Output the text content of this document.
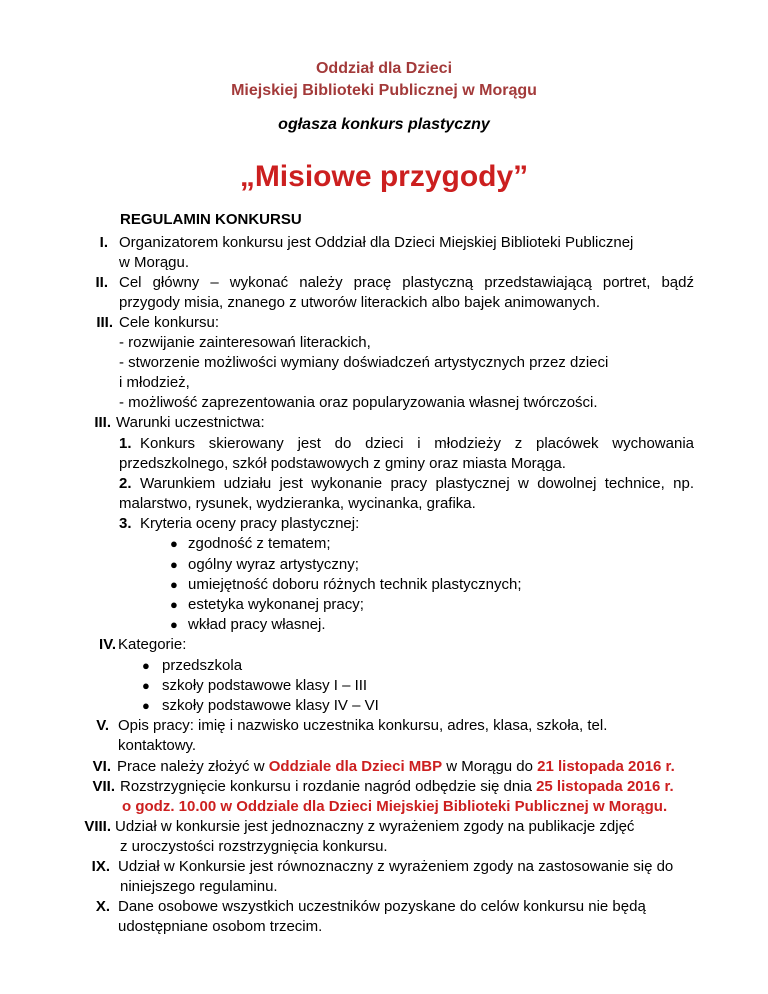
Oddział dla Dzieci
Miejskiej Biblioteki Publicznej w Morągu
ogłasza konkurs plastyczny
„Misiowe przygody”
REGULAMIN KONKURSU
I. Organizatorem konkursu jest Oddział dla Dzieci Miejskiej Biblioteki Publicznej
w Morągu.
II. Cel główny – wykonać należy pracę plastyczną przedstawiającą portret, bądź
przygody misia, znanego z utworów literackich albo bajek animowanych.
III. Cele konkursu:
- rozwijanie zainteresowań literackich,
- stworzenie możliwości wymiany doświadczeń artystycznych przez dzieci
i młodzież,
- możliwość zaprezentowania oraz popularyzowania własnej twórczości.
III. Warunki uczestnictwa:
1. Konkurs skierowany jest do dzieci i młodzieży z placówek wychowania
przedszkolnego, szkół podstawowych z gminy oraz miasta Morąga.
2. Warunkiem udziału jest wykonanie pracy plastycznej w dowolnej technice, np.
malarstwo, rysunek, wydzieranka, wycinanka, grafika.
3. Kryteria oceny pracy plastycznej:
● zgodność z tematem;
● ogólny wyraz artystyczny;
● umiejętność doboru różnych technik plastycznych;
● estetyka wykonanej pracy;
● wkład pracy własnej.
IV. Kategorie:
● przedszkola
● szkoły podstawowe klasy I – III
● szkoły podstawowe klasy IV – VI
V. Opis pracy: imię i nazwisko uczestnika konkursu, adres, klasa, szkoła, tel.
kontaktowy.
VI. Prace należy złożyć w Oddziale dla Dzieci MBP w Morągu do 21 listopada 2016 r.
VII. Rozstrzygnięcie konkursu i rozdanie nagród odbędzie się dnia 25 listopada 2016 r.
o godz. 10.00 w Oddziale dla Dzieci Miejskiej Biblioteki Publicznej w Morągu.
VIII. Udział w konkursie jest jednoznaczny z wyrażeniem zgody na publikacje zdjęć
z uroczystości rozstrzygnięcia konkursu.
IX. Udział w Konkursie jest równoznaczny z wyrażeniem zgody na zastosowanie się do
niniejszego regulaminu.
X. Dane osobowe wszystkich uczestników pozyskane do celów konkursu nie będą
udostępniane osobom trzecim.
